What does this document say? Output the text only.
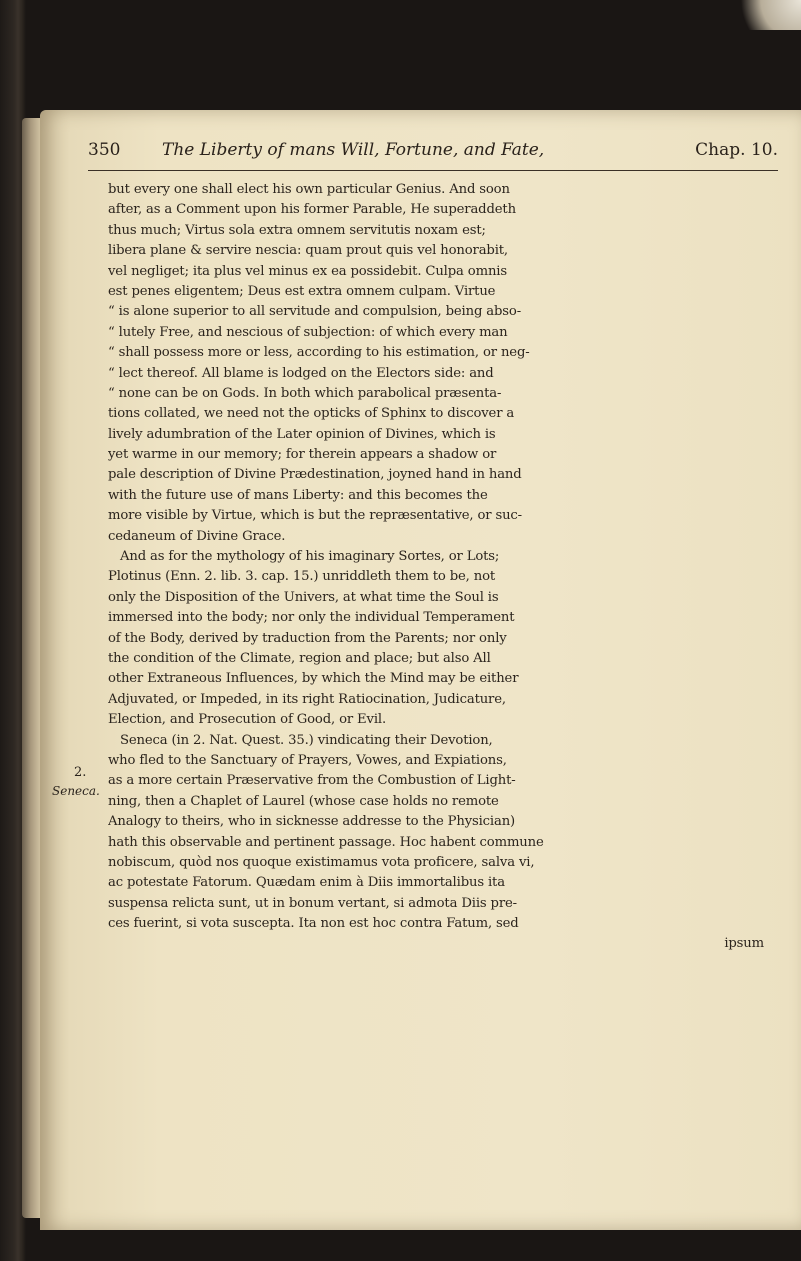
350 The Liberty of mans Will, Fortune, and Fate,	Chap. 10.
2.
Seneca.
but every one shall elect his own particular Genius. And soon
after, as a Comment upon his former Parable, He superaddeth
thus much; Virtus sola extra omnem servitutis noxam est;
libera plane & servire nescia: quam prout quis vel honorabit,
vel negliget; ita plus vel minus ex ea possidebit. Culpa omnis
est penes eligentem; Deus est extra omnem culpam. Virtue
“ is alone superior to all servitude and compulsion, being abso-
“ lutely Free, and nescious of subjection: of which every man
“ shall possess more or less, according to his estimation, or neg-
“ lect thereof. All blame is lodged on the Electors side: and
“ none can be on Gods. In both which parabolical præsenta-
tions collated, we need not the opticks of Sphinx to discover a
lively adumbration of the Later opinion of Divines, which is
yet warme in our memory; for therein appears a shadow or
pale description of Divine Prædestination, joyned hand in hand
with the future use of mans Liberty: and this becomes the
more visible by Virtue, which is but the repræsentative, or suc-
cedaneum of Divine Grace.
And as for the mythology of his imaginary Sortes, or Lots;
Plotinus (Enn. 2. lib. 3. cap. 15.) unriddleth them to be, not
only the Disposition of the Univers, at what time the Soul is
immersed into the body; nor only the individual Temperament
of the Body, derived by traduction from the Parents; nor only
the condition of the Climate, region and place; but also All
other Extraneous Influences, by which the Mind may be either
Adjuvated, or Impeded, in its right Ratiocination, Judicature,
Election, and Prosecution of Good, or Evil.
Seneca (in 2. Nat. Quest. 35.) vindicating their Devotion,
who fled to the Sanctuary of Prayers, Vowes, and Expiations,
as a more certain Præservative from the Combustion of Light-
ning, then a Chaplet of Laurel (whose case holds no remote
Analogy to theirs, who in sicknesse addresse to the Physician)
hath this observable and pertinent passage. Hoc habent commune
nobiscum, quòd nos quoque existimamus vota proficere, salva vi,
ac potestate Fatorum. Quædam enim à Diis immortalibus ita
suspensa relicta sunt, ut in bonum vertant, si admota Diis pre-
ces fuerint, si vota suscepta. Ita non est hoc contra Fatum, sed
ipsum
